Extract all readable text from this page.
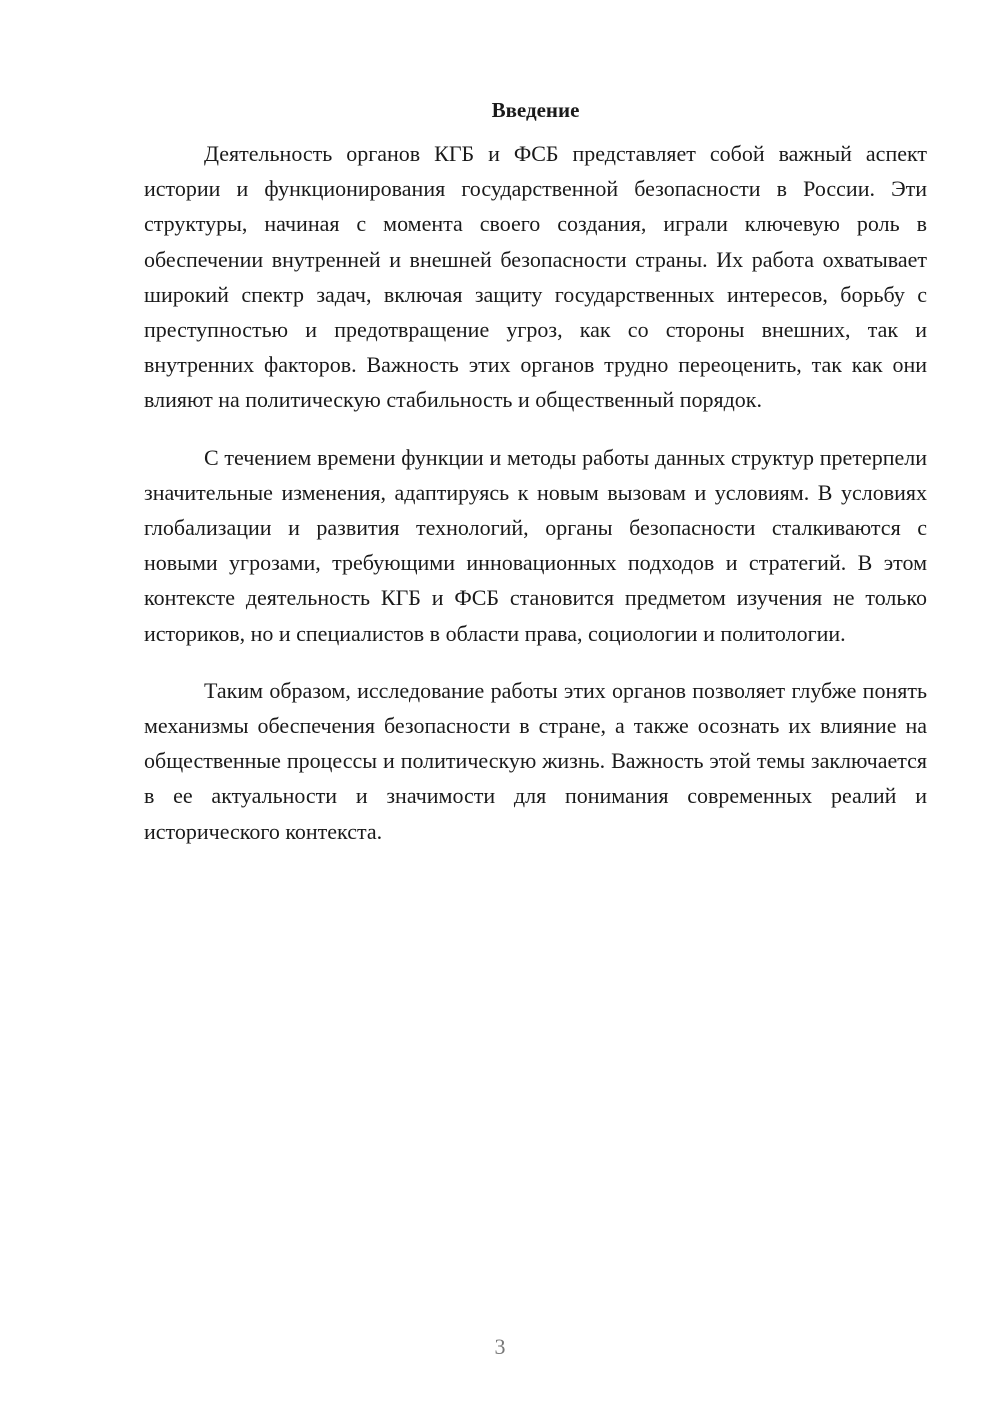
Введение

Деятельность органов КГБ и ФСБ представляет собой важный аспект истории и функционирования государственной безопасности в России. Эти структуры, начиная с момента своего создания, играли ключевую роль в обеспечении внутренней и внешней безопасности страны. Их работа охватывает широкий спектр задач, включая защиту государственных интересов, борьбу с преступностью и предотвращение угроз, как со стороны внешних, так и внутренних факторов. Важность этих органов трудно переоценить, так как они влияют на политическую стабильность и общественный порядок.

С течением времени функции и методы работы данных структур претерпели значительные изменения, адаптируясь к новым вызовам и условиям. В условиях глобализации и развития технологий, органы безопасности сталкиваются с новыми угрозами, требующими инновационных подходов и стратегий. В этом контексте деятельность КГБ и ФСБ становится предметом изучения не только историков, но и специалистов в области права, социологии и политологии.

Таким образом, исследование работы этих органов позволяет глубже понять механизмы обеспечения безопасности в стране, а также осознать их влияние на общественные процессы и политическую жизнь. Важность этой темы заключается в ее актуальности и значимости для понимания современных реалий и исторического контекста.

3
